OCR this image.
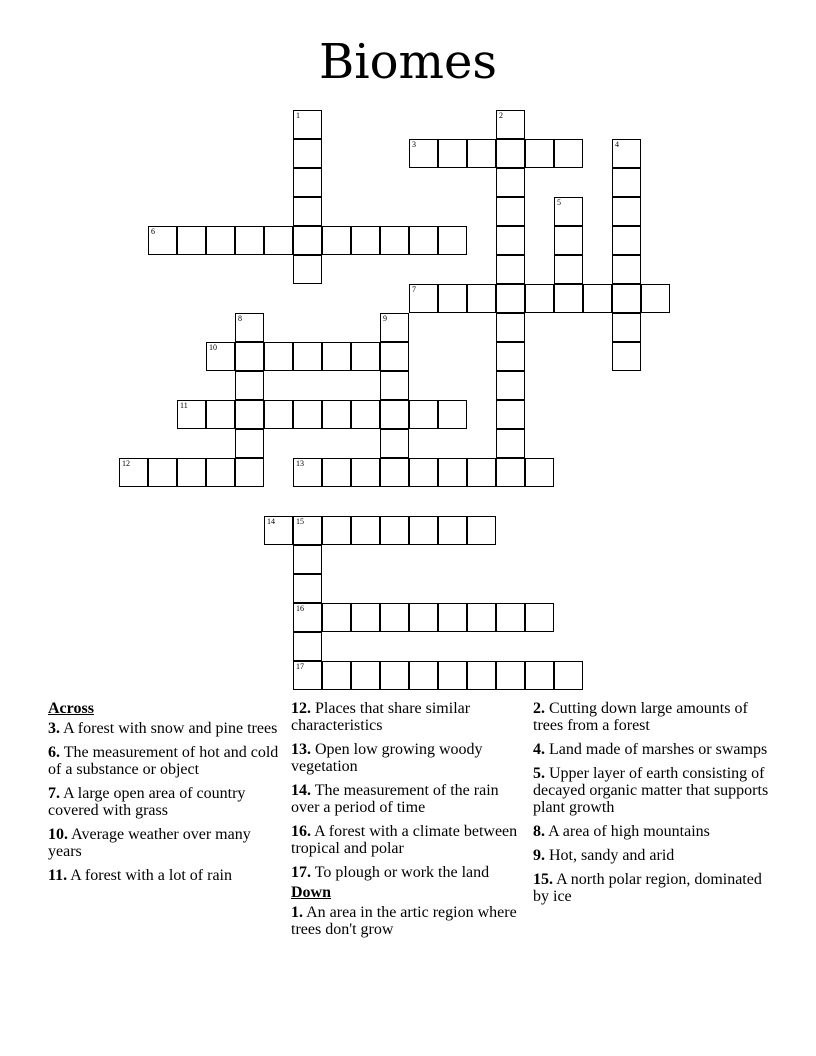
Biomes
1	2
3	4
5
6
7
8	9
10
11
12	13
14	15
16
17
Across
3. A forest with snow and pine trees
6. The measurement of hot and cold of a substance or object
7. A large open area of country covered with grass
10. Average weather over many years
11. A forest with a lot of rain
12. Places that share similar characteristics
13. Open low growing woody vegetation
14. The measurement of the rain over a period of time
16. A forest with a climate between tropical and polar
17. To plough or work the land
Down
1. An area in the artic region where trees don't grow
2. Cutting down large amounts of trees from a forest
4. Land made of marshes or swamps
5. Upper layer of earth consisting of decayed organic matter that supports plant growth
8. A area of high mountains
9. Hot, sandy and arid
15. A north polar region, dominated by ice
